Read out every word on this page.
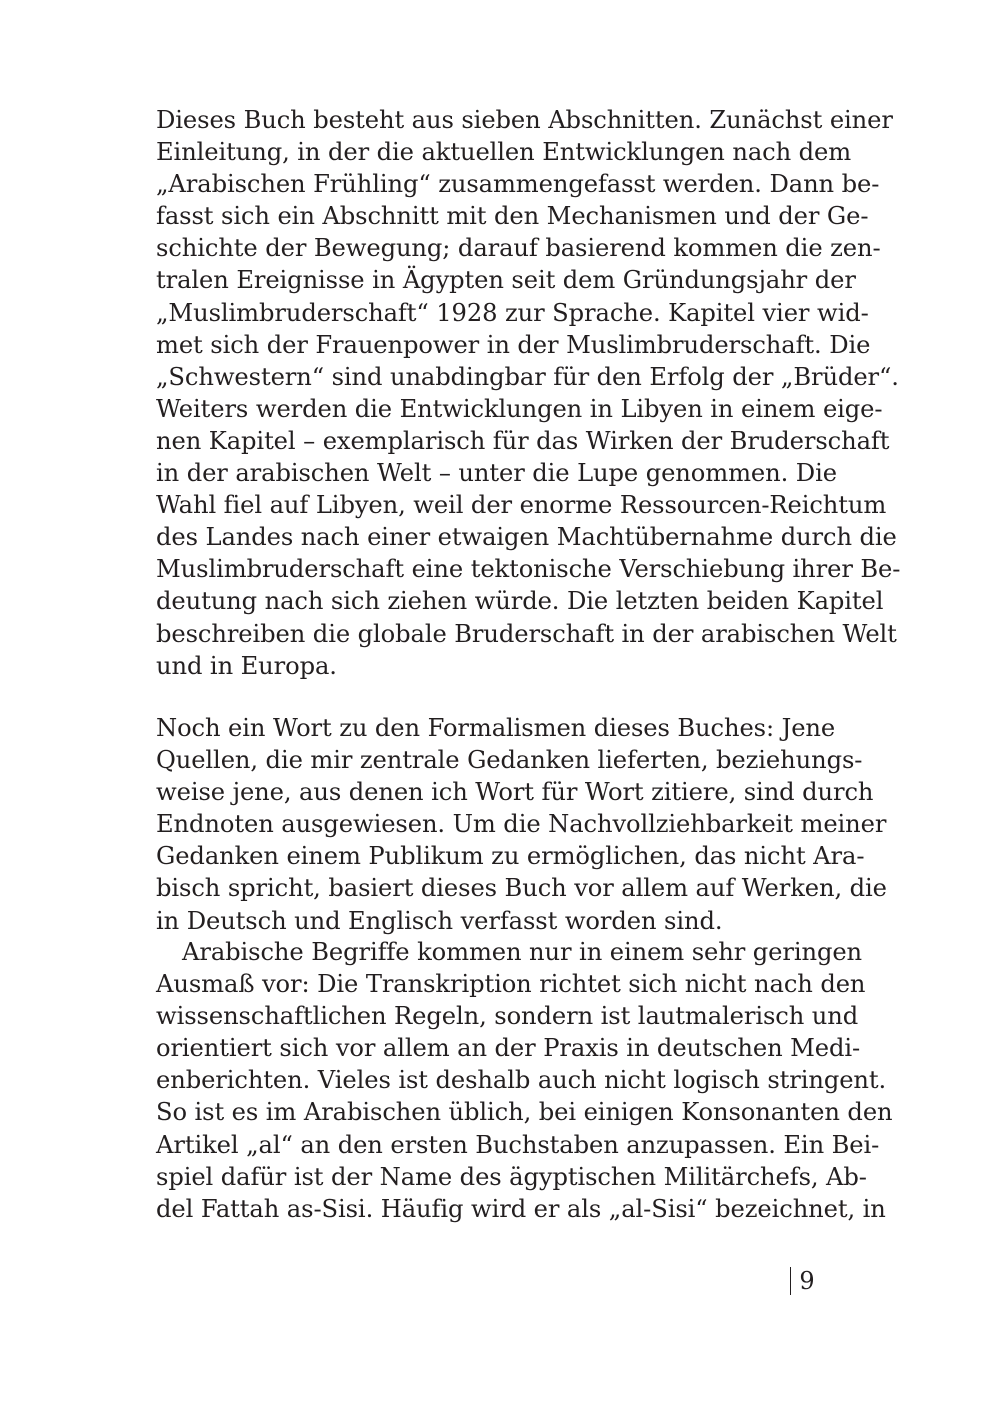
Dieses Buch besteht aus sieben Abschnitten. Zunächst einer
Einleitung, in der die aktuellen Entwicklungen nach dem
„Arabischen Frühling“ zusammengefasst werden. Dann be-
fasst sich ein Abschnitt mit den Mechanismen und der Ge-
schichte der Bewegung; darauf basierend kommen die zen-
tralen Ereignisse in Ägypten seit dem Gründungsjahr der
„Muslimbruderschaft“ 1928 zur Sprache. Kapitel vier wid-
met sich der Frauenpower in der Muslimbruderschaft. Die
„Schwestern“ sind unabdingbar für den Erfolg der „Brüder“.
Weiters werden die Entwicklungen in Libyen in einem eige-
nen Kapitel – exemplarisch für das Wirken der Bruderschaft
in der arabischen Welt – unter die Lupe genommen. Die
Wahl fiel auf Libyen, weil der enorme Ressourcen-Reichtum
des Landes nach einer etwaigen Machtübernahme durch die
Muslimbruderschaft eine tektonische Verschiebung ihrer Be-
deutung nach sich ziehen würde. Die letzten beiden Kapitel
beschreiben die globale Bruderschaft in der arabischen Welt
und in Europa.
Noch ein Wort zu den Formalismen dieses Buches: Jene
Quellen, die mir zentrale Gedanken lieferten, beziehungs-
weise jene, aus denen ich Wort für Wort zitiere, sind durch
Endnoten ausgewiesen. Um die Nachvollziehbarkeit meiner
Gedanken einem Publikum zu ermöglichen, das nicht Ara-
bisch spricht, basiert dieses Buch vor allem auf Werken, die
in Deutsch und Englisch verfasst worden sind.
Arabische Begriffe kommen nur in einem sehr geringen
Ausmaß vor: Die Transkription richtet sich nicht nach den
wissenschaftlichen Regeln, sondern ist lautmalerisch und
orientiert sich vor allem an der Praxis in deutschen Medi-
enberichten. Vieles ist deshalb auch nicht logisch stringent.
So ist es im Arabischen üblich, bei einigen Konsonanten den
Artikel „al“ an den ersten Buchstaben anzupassen. Ein Bei-
spiel dafür ist der Name des ägyptischen Militärchefs, Ab-
del Fattah as-Sisi. Häufig wird er als „al-Sisi“ bezeichnet, in
9
